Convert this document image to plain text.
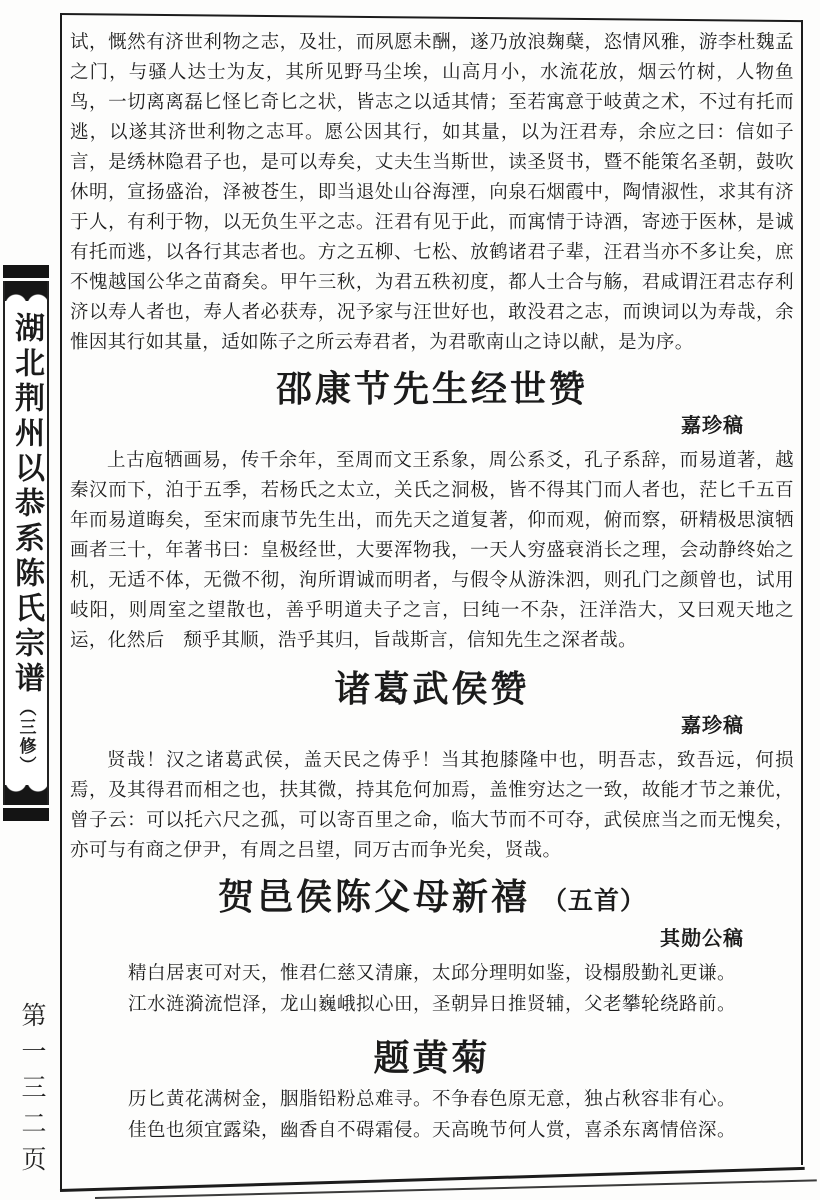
湖北荆州以恭系陈氏宗谱
（三修）
第一三二页

试，慨然有济世利物之志，及壮，而夙愿未酬，遂乃放浪麹蘖，恣情风雅，游李杜魏孟之门，与骚人达士为友，其所见野马尘埃，山高月小，水流花放，烟云竹树，人物鱼鸟，一切离离磊匕怪匕奇匕之状，皆志之以适其情；至若寓意于岐黄之术，不过有托而逃，以遂其济世利物之志耳。愿公因其行，如其量，以为汪君寿，余应之曰：信如子言，是绣林隐君子也，是可以寿矣，丈夫生当斯世，读圣贤书，暨不能策名圣朝，鼓吹休明，宣扬盛治，泽被苍生，即当退处山谷海湮，向泉石烟霞中，陶情淑性，求其有济于人，有利于物，以无负生平之志。汪君有见于此，而寓情于诗酒，寄迹于医林，是诚有托而逃，以各行其志者也。方之五柳、七松、放鹤诸君子辈，汪君当亦不多让矣，庶不愧越国公华之苗裔矣。甲午三秋，为君五秩初度，都人士合与觞，君咸谓汪君志存利济以寿人者也，寿人者必获寿，况予家与汪世好也，敢没君之志，而谀词以为寿哉，余惟因其行如其量，适如陈子之所云寿君者，为君歌南山之诗以献，是为序。

邵康节先生经世赞
嘉珍稿

上古庖牺画易，传千余年，至周而文王系象，周公系爻，孔子系辞，而易道著，越秦汉而下，泊于五季，若杨氏之太立，关氏之洞极，皆不得其门而人者也，茫匕千五百年而易道晦矣，至宋而康节先生出，而先天之道复著，仰而观，俯而察，研精极思演牺画者三十，年著书曰：皇极经世，大要浑物我，一天人穷盛衰消长之理，会动静终始之机，无适不体，无微不彻，洵所谓诚而明者，与假令从游洙泗，则孔门之颜曾也，试用岐阳，则周室之望散也，善乎明道夫子之言，曰纯一不杂，汪洋浩大，又曰观天地之运，化然后　颓乎其顺，浩乎其归，旨哉斯言，信知先生之深者哉。

诸葛武侯赞
嘉珍稿

贤哉！汉之诸葛武侯，盖天民之俦乎！当其抱膝隆中也，明吾志，致吾远，何损焉，及其得君而相之也，扶其微，持其危何加焉，盖惟穷达之一致，故能才节之兼优，曾子云：可以托六尺之孤，可以寄百里之命，临大节而不可夺，武侯庶当之而无愧矣，亦可与有商之伊尹，有周之吕望，同万古而争光矣，贤哉。

贺邑侯陈父母新禧 （五首）
其勋公稿

精白居衷可对天，惟君仁慈又清廉，太邱分理明如鉴，设榻殷勤礼更谦。

江水涟漪流恺泽，龙山巍峨拟心田，圣朝异日推贤辅，父老攀轮绕路前。

题黄菊

历匕黄花满树金，胭脂铅粉总难寻。不争春色原无意，独占秋容非有心。

佳色也须宜露染，幽香自不碍霜侵。天高晚节何人赏，喜杀东离情倍深。
